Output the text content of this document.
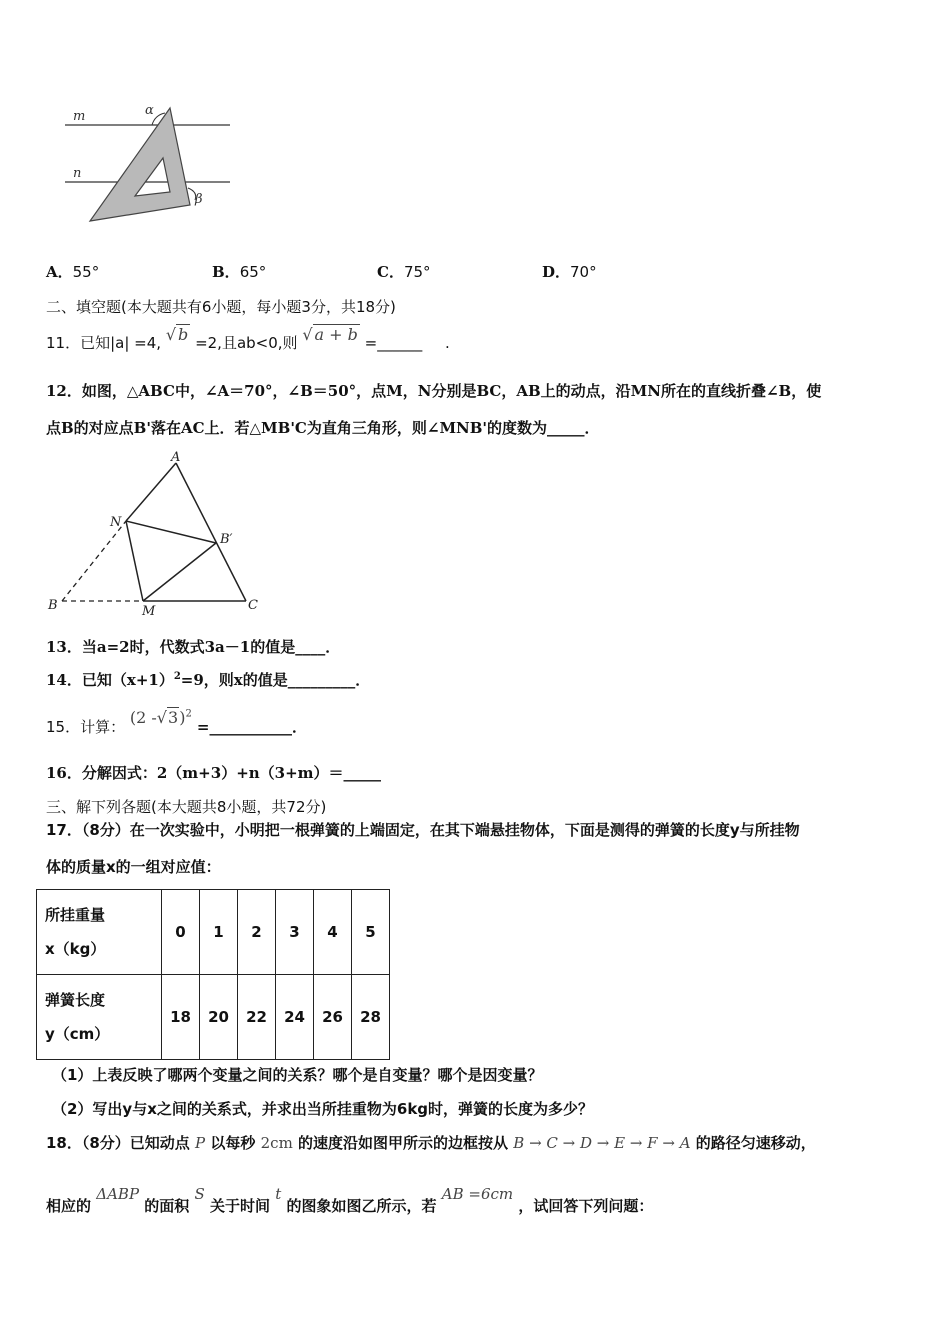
m
n
α
β
A．55°	B．65°	C．75°	D．70°
二、填空题(本大题共有6小题，每小题3分，共18分)
11．已知|a| =4, √ b =2,且ab<0,则 √ a + b =______ .
12．如图，△ABC中，∠A＝70°，∠B＝50°，点M，N分别是BC，AB上的动点，沿MN所在的直线折叠∠B，使
点B的对应点B'落在AC上．若△MB'C为直角三角形，则∠MNB'的度数为_____．
A
N
B′
B	M	C
13．当a=2时，代数式3a－1的值是____．
14．已知$(x+1)^2=9$，则x的值是_________．
15．计算： (2 -√3)$^2$ =___________．
16．分解因式：2（m+3）+n（3+m）＝_____
三、解下列各题(本大题共8小题，共72分)
17．（8分）在一次实验中，小明把一根弹簧的上端固定，在其下端悬挂物体，下面是测得的弹簧的长度y与所挂物
体的质量x的一组对应值：
所挂重量
x（kg）	0	1	2	3	4	5

弹簧长度
y（cm）	18	20	22	24	26	28
（1）上表反映了哪两个变量之间的关系？哪个是自变量？哪个是因变量？
（2）写出y与x之间的关系式，并求出当所挂重物为6kg时，弹簧的长度为多少？
18．（8分）已知动点 P 以每秒 2cm 的速度沿如图甲所示的边框按从 B → C → D → E → F → A 的路径匀速移动，
相应的 ΔABP 的面积 S 关于时间 t 的图象如图乙所示，若 AB =6cm ，试回答下列问题：
